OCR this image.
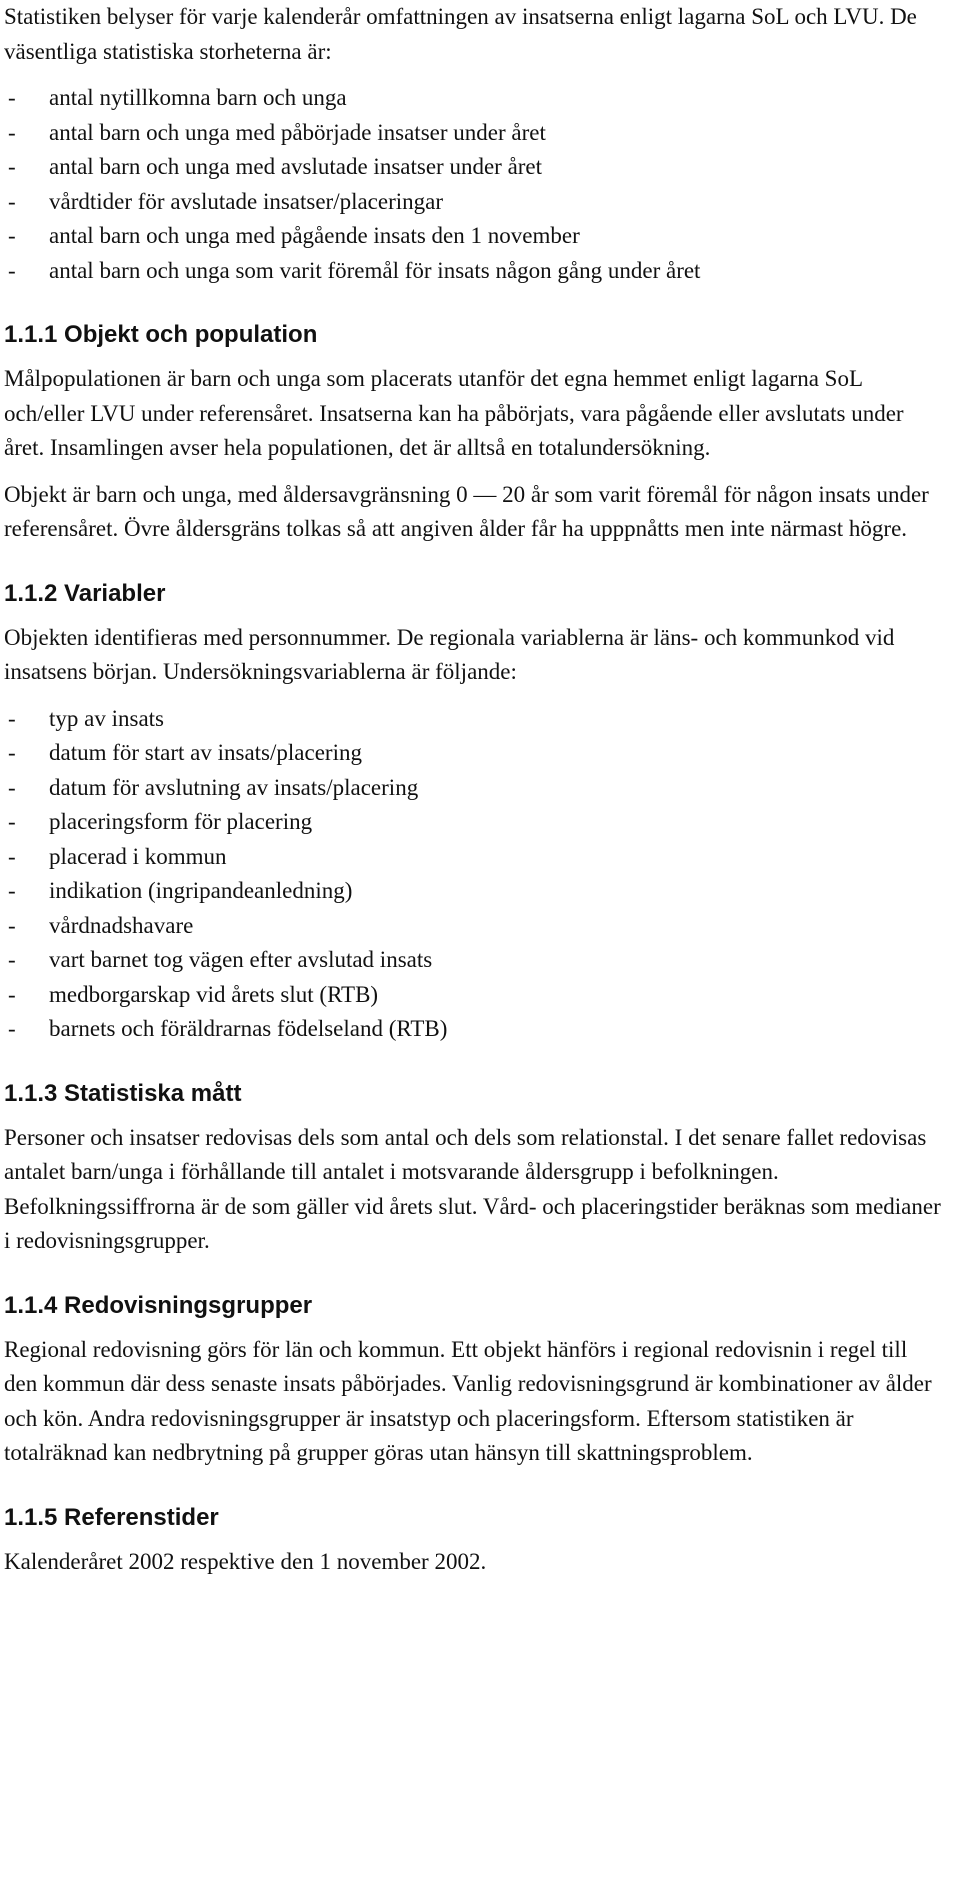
Statistiken belyser för varje kalenderår omfattningen av insatserna enligt lagarna SoL och LVU. De väsentliga statistiska storheterna är:

- antal nytillkomna barn och unga
- antal barn och unga med påbörjade insatser under året
- antal barn och unga med avslutade insatser under året
- vårdtider för avslutade insatser/placeringar
- antal barn och unga med pågående insats den 1 november
- antal barn och unga som varit föremål för insats någon gång under året
1.1.1 Objekt och population

Målpopulationen är barn och unga som placerats utanför det egna hemmet enligt lagarna SoL och/eller LVU under referensåret. Insatserna kan ha påbörjats, vara pågående eller avslutats under året. Insamlingen avser hela populationen, det är alltså en totalundersökning.

Objekt är barn och unga, med åldersavgränsning 0 — 20 år som varit föremål för någon insats under referensåret. Övre åldersgräns tolkas så att angiven ålder får ha upppnåtts men inte närmast högre.

1.1.2 Variabler

Objekten identifieras med personnummer. De regionala variablerna är läns- och kommunkod vid insatsens början. Undersökningsvariablerna är följande:

- typ av insats
- datum för start av insats/placering
- datum för avslutning av insats/placering
- placeringsform för placering
- placerad i kommun
- indikation (ingripandeanledning)
- vårdnadshavare
- vart barnet tog vägen efter avslutad insats
- medborgarskap vid årets slut (RTB)
- barnets och föräldrarnas födelseland (RTB)
1.1.3 Statistiska mått

Personer och insatser redovisas dels som antal och dels som relationstal. I det senare fallet redovisas antalet barn/unga i förhållande till antalet i motsvarande åldersgrupp i befolkningen. Befolkningssiffrorna är de som gäller vid årets slut. Vård- och placeringstider beräknas som medianer i redovisningsgrupper.

1.1.4 Redovisningsgrupper

Regional redovisning görs för län och kommun. Ett objekt hänförs i regional redovisnin i regel till den kommun där dess senaste insats påbörjades. Vanlig redovisningsgrund är kombinationer av ålder och kön. Andra redovisningsgrupper är insatstyp och placeringsform. Eftersom statistiken är totalräknad kan nedbrytning på grupper göras utan hänsyn till skattningsproblem.

1.1.5 Referenstider

Kalenderåret 2002 respektive den 1 november 2002.
